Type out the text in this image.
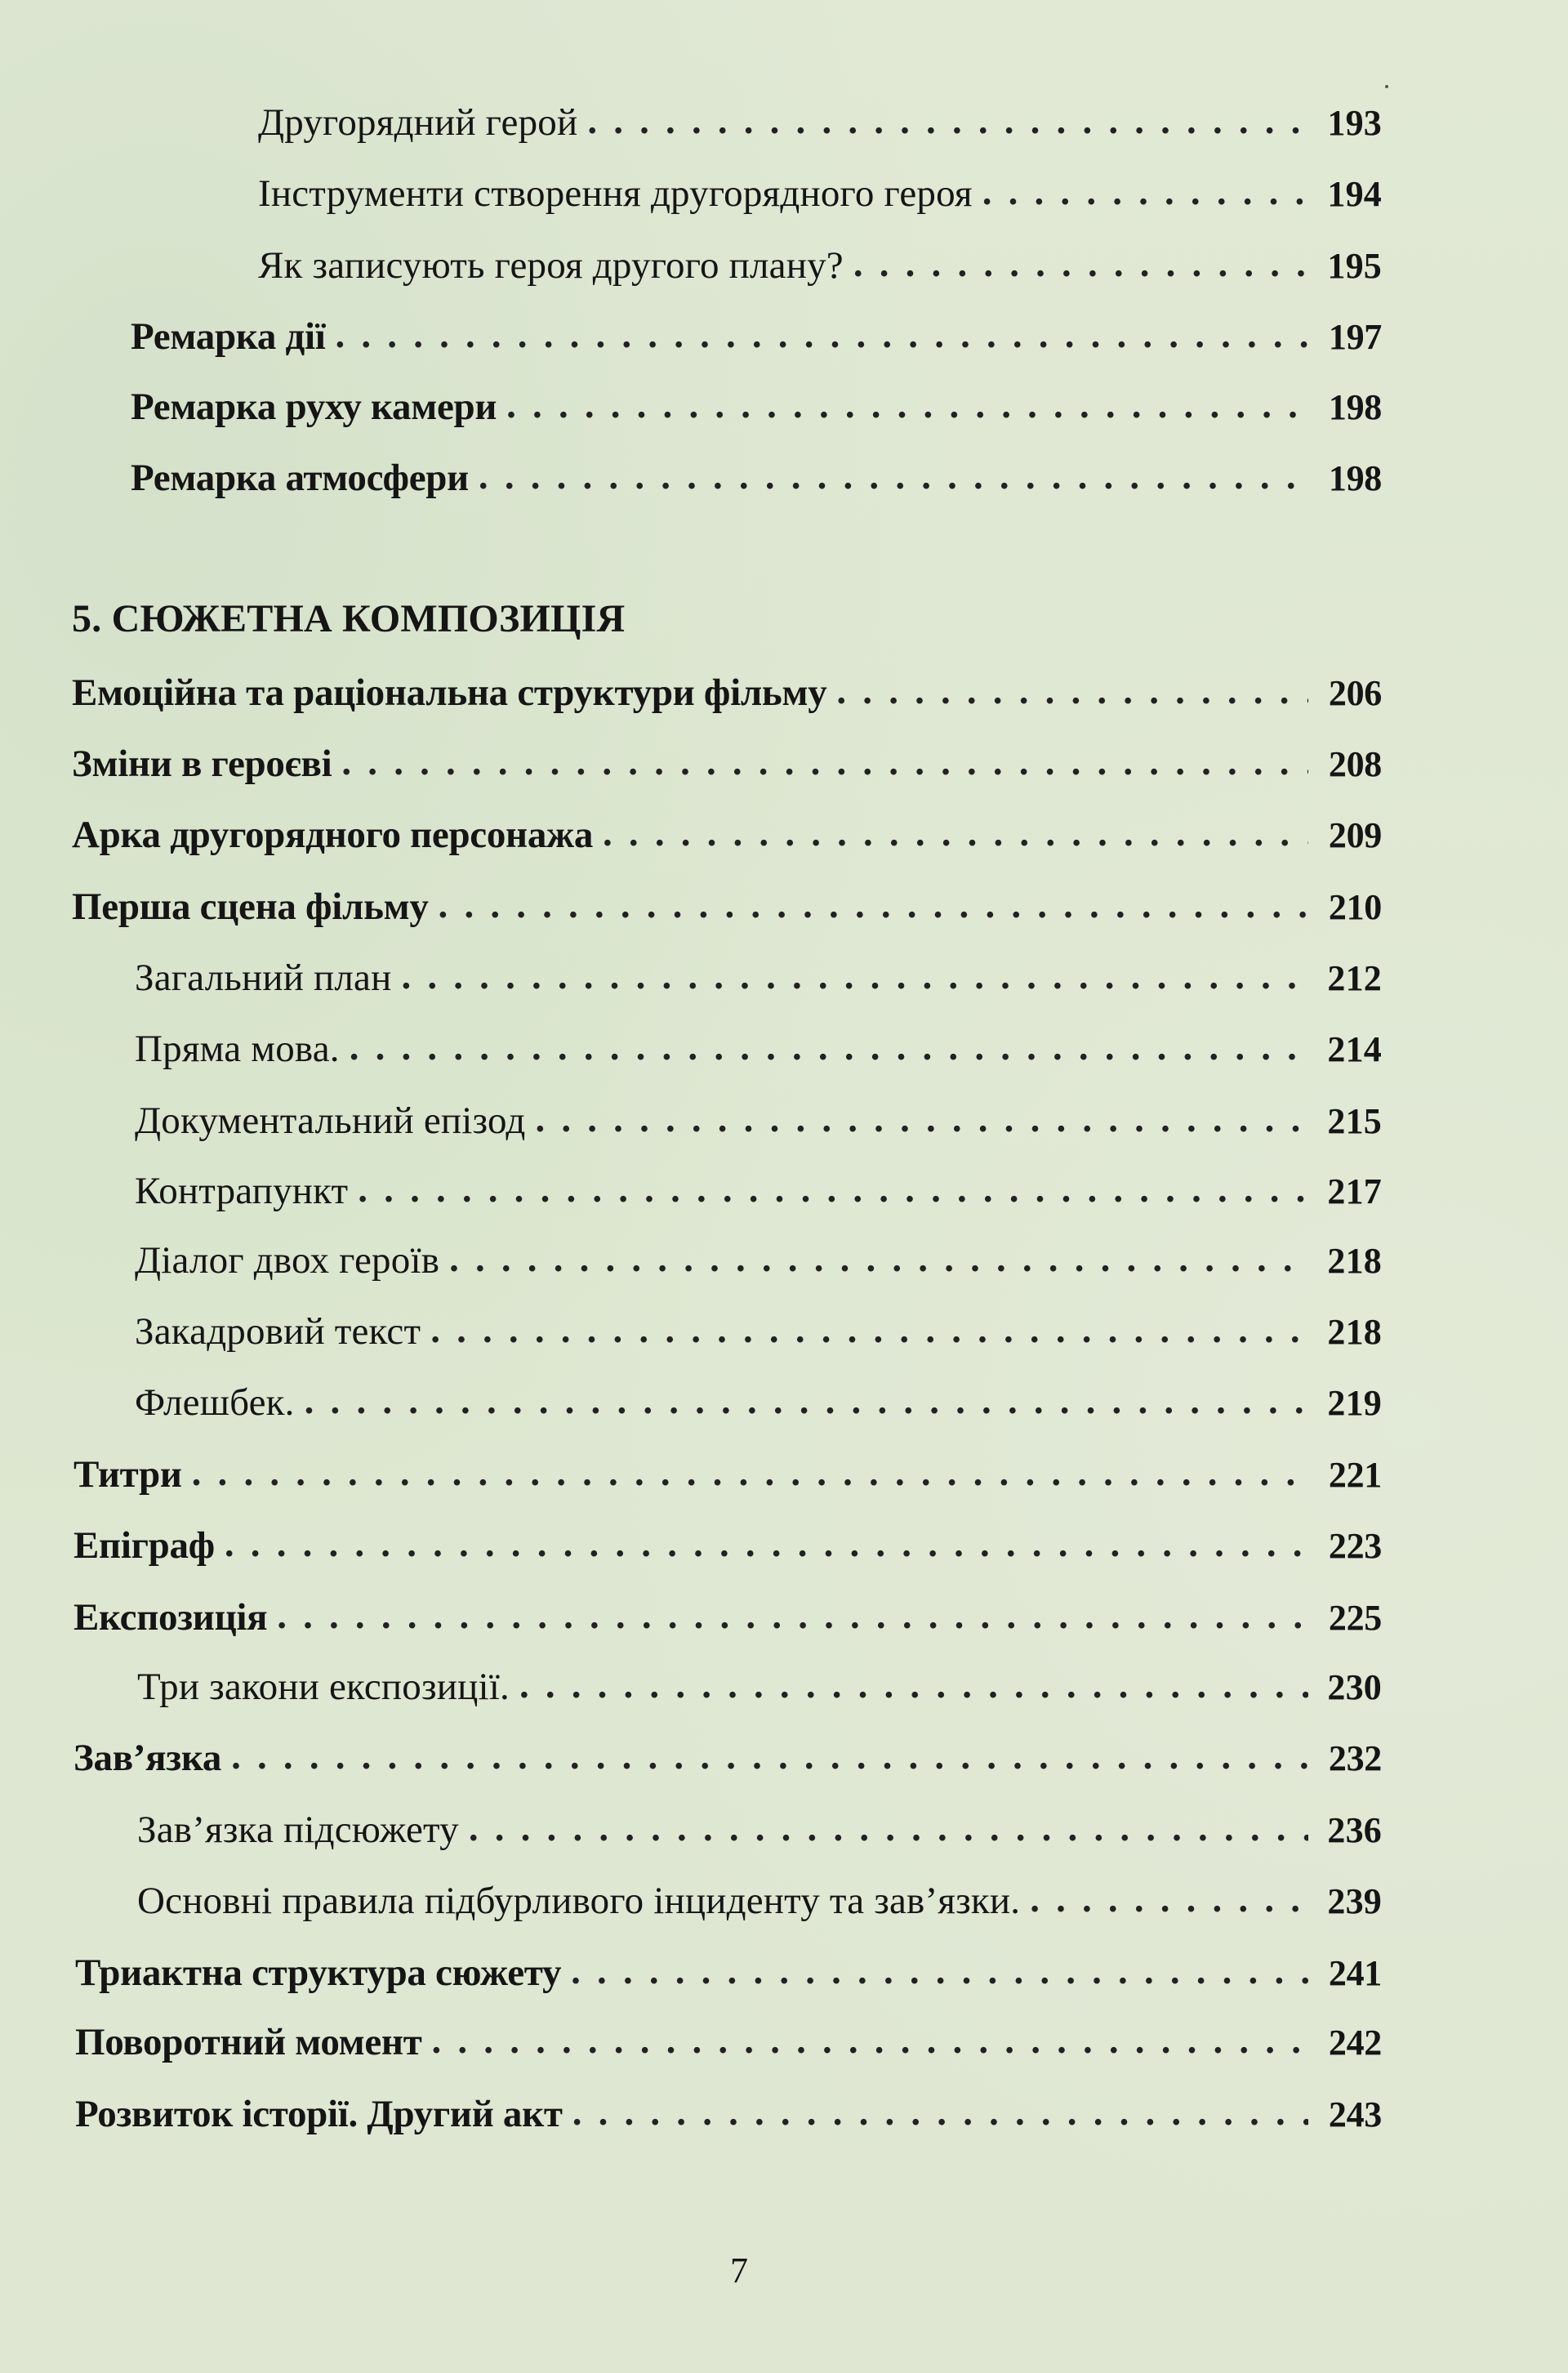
Другорядний герой . . .	193
Інструменти створення другорядного героя . . .	194
Як записують героя другого плану? . . .	195
Ремарка дії . . .	197
Ремарка руху камери . . .	198
Ремарка атмосфери . . .	198
5. СЮЖЕТНА КОМПОЗИЦІЯ
Емоційна та раціональна структури фільму . . .	206
Зміни в героєві . . .	208
Арка другорядного персонажа . . .	209
Перша сцена фільму . . .	210
Загальний план . . .	212
Пряма мова. . . .	214
Документальний епізод . . .	215
Контрапункт . . .	217
Діалог двох героїв . . .	218
Закадровий текст . . .	218
Флешбек. . . .	219
Титри . . .	221
Епіграф . . .	223
Експозиція . . .	225
Три закони експозиції. . . .	230
Зав’язка . . .	232
Зав’язка підсюжету . . .	236
Основні правила підбурливого інциденту та зав’язки. . . .	239
Триактна структура сюжету . . .	241
Поворотний момент . . .	242
Розвиток історії. Другий акт . . .	243
7
